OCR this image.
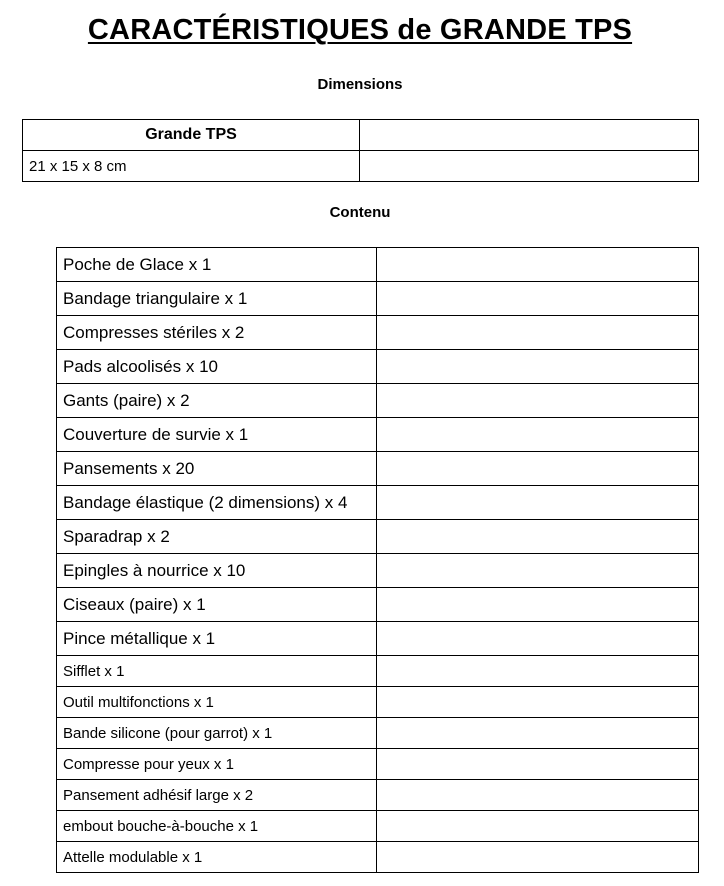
CARACTÉRISTIQUES de GRANDE TPS
Dimensions
Grande TPS	
21 x 15 x 8 cm	
Contenu
Poche de Glace x 1	
Bandage triangulaire x 1	
Compresses stériles x 2	
Pads alcoolisés x 10	
Gants (paire) x 2	
Couverture de survie x 1	
Pansements x 20	
Bandage élastique (2 dimensions) x 4	
Sparadrap x 2	
Epingles à nourrice x 10	
Ciseaux (paire) x 1	
Pince métallique x 1	
Sifflet x 1	
Outil multifonctions x 1	
Bande silicone (pour garrot) x 1	
Compresse pour yeux x 1	
Pansement adhésif large x 2	
embout bouche-à-bouche x 1	
Attelle modulable x 1	
